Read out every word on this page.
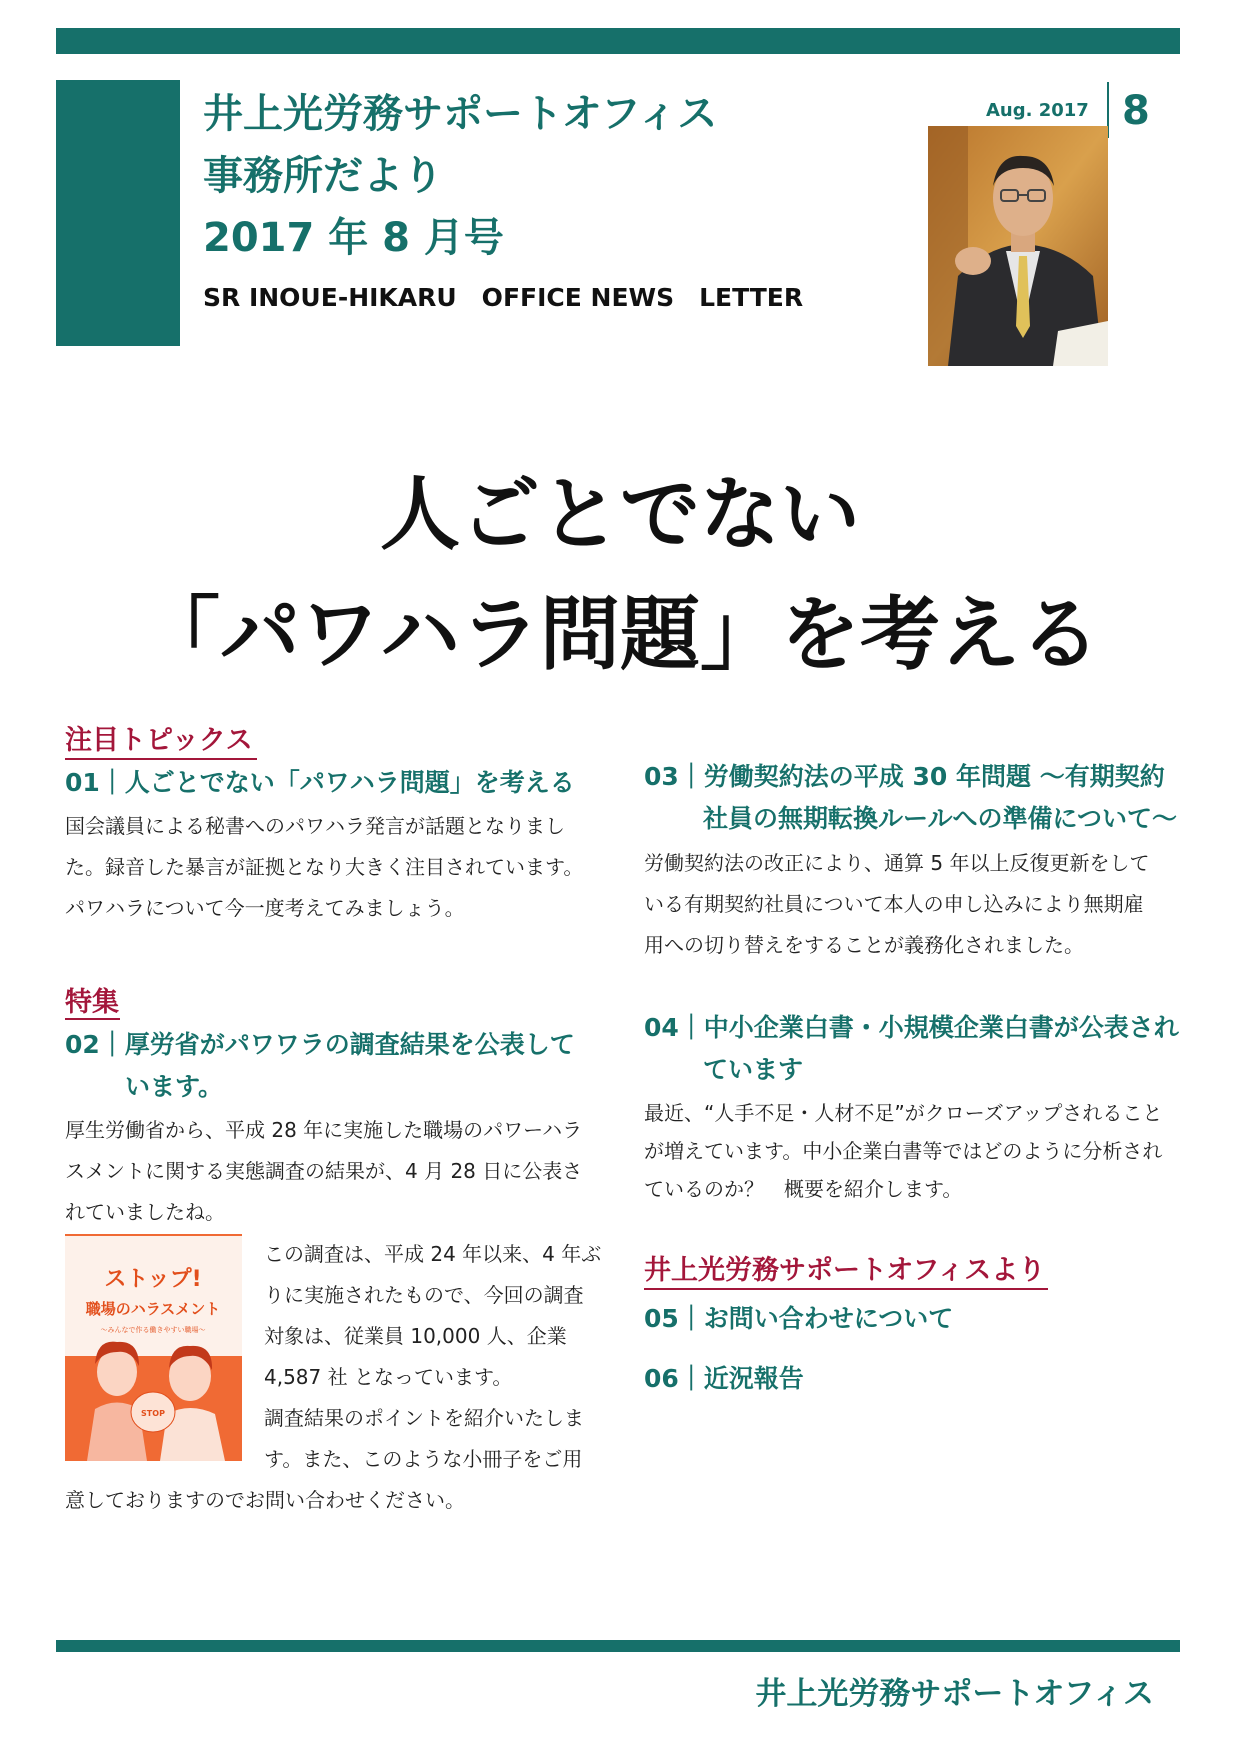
井上光労務サポートオフィス
事務所だより
2017 年 8 月号
SR INOUE-HIKARU　OFFICE NEWS　LETTER
Aug. 2017 8
人ごとでない
「パワハラ問題」を考える
注目トピックス
01｜人ごとでない「パワハラ問題」を考える
国会議員による秘書へのパワハラ発言が話題となりまし
た。録音した暴言が証拠となり大きく注目されています。
パワハラについて今一度考えてみましょう。
特集
02｜厚労省がパワワラの調査結果を公表して
います。
厚生労働省から、平成 28 年に実施した職場のパワーハラ
スメントに関する実態調査の結果が、4 月 28 日に公表さ
れていましたね。
ストップ!
職場のハラスメント
～みんなで作る働きやすい職場～
STOP
この調査は、平成 24 年以来、4 年ぶ
りに実施されたもので、今回の調査
対象は、従業員 10,000 人、企業
4,587 社 となっています。
調査結果のポイントを紹介いたしま
す。また、このような小冊子をご用
意しておりますのでお問い合わせください。
03｜労働契約法の平成 30 年問題 ～有期契約
社員の無期転換ルールへの準備について～
労働契約法の改正により、通算 5 年以上反復更新をして
いる有期契約社員について本人の申し込みにより無期雇
用への切り替えをすることが義務化されました。
04｜中小企業白書・小規模企業白書が公表され
ています
最近、“人手不足・人材不足”がクローズアップされること
が増えています。中小企業白書等ではどのように分析され
ているのか？　概要を紹介します。
井上光労務サポートオフィスより
05｜お問い合わせについて
06｜近況報告
井上光労務サポートオフィス
